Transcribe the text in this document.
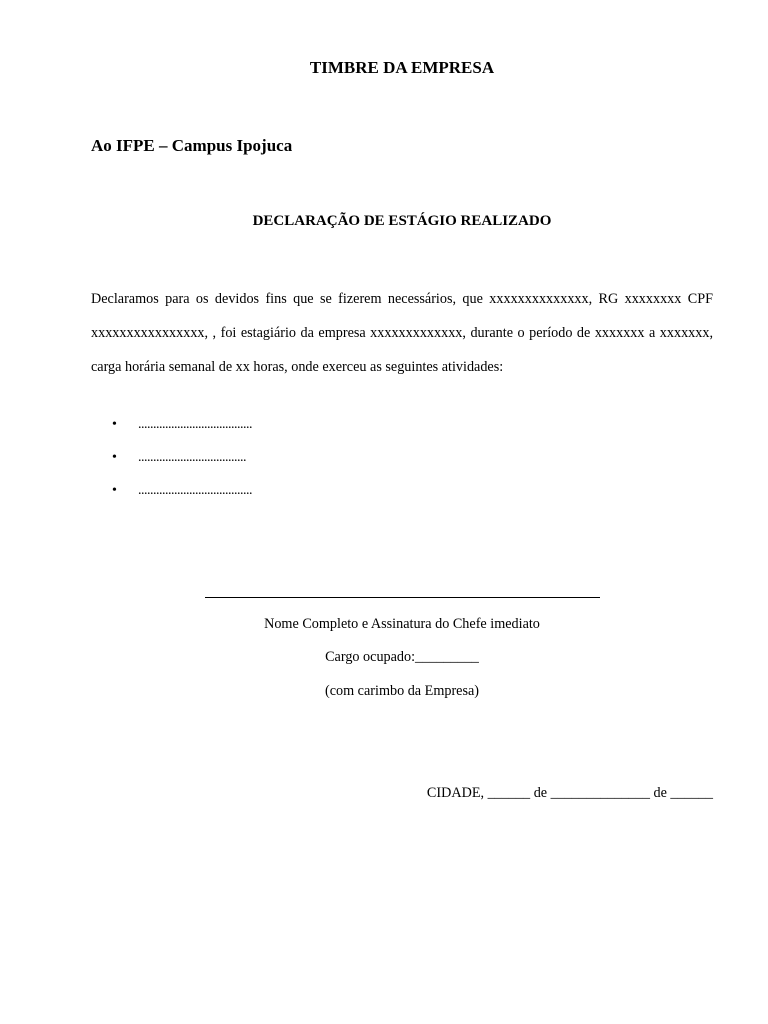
TIMBRE DA EMPRESA
Ao IFPE – Campus Ipojuca
DECLARAÇÃO DE ESTÁGIO REALIZADO

Declaramos para os devidos fins que se fizerem necessários, que xxxxxxxxxxxxxx, RG xxxxxxxx CPF xxxxxxxxxxxxxxxx, , foi estagiário da empresa xxxxxxxxxxxxx, durante o período de xxxxxxx a xxxxxxx, carga horária semanal de xx horas, onde exerceu as seguintes atividades:

• ......................................
• ....................................
• ......................................
Nome Completo e Assinatura do Chefe imediato
Cargo ocupado:_________
(com carimbo da Empresa)
CIDADE, ______ de ______________ de ______
